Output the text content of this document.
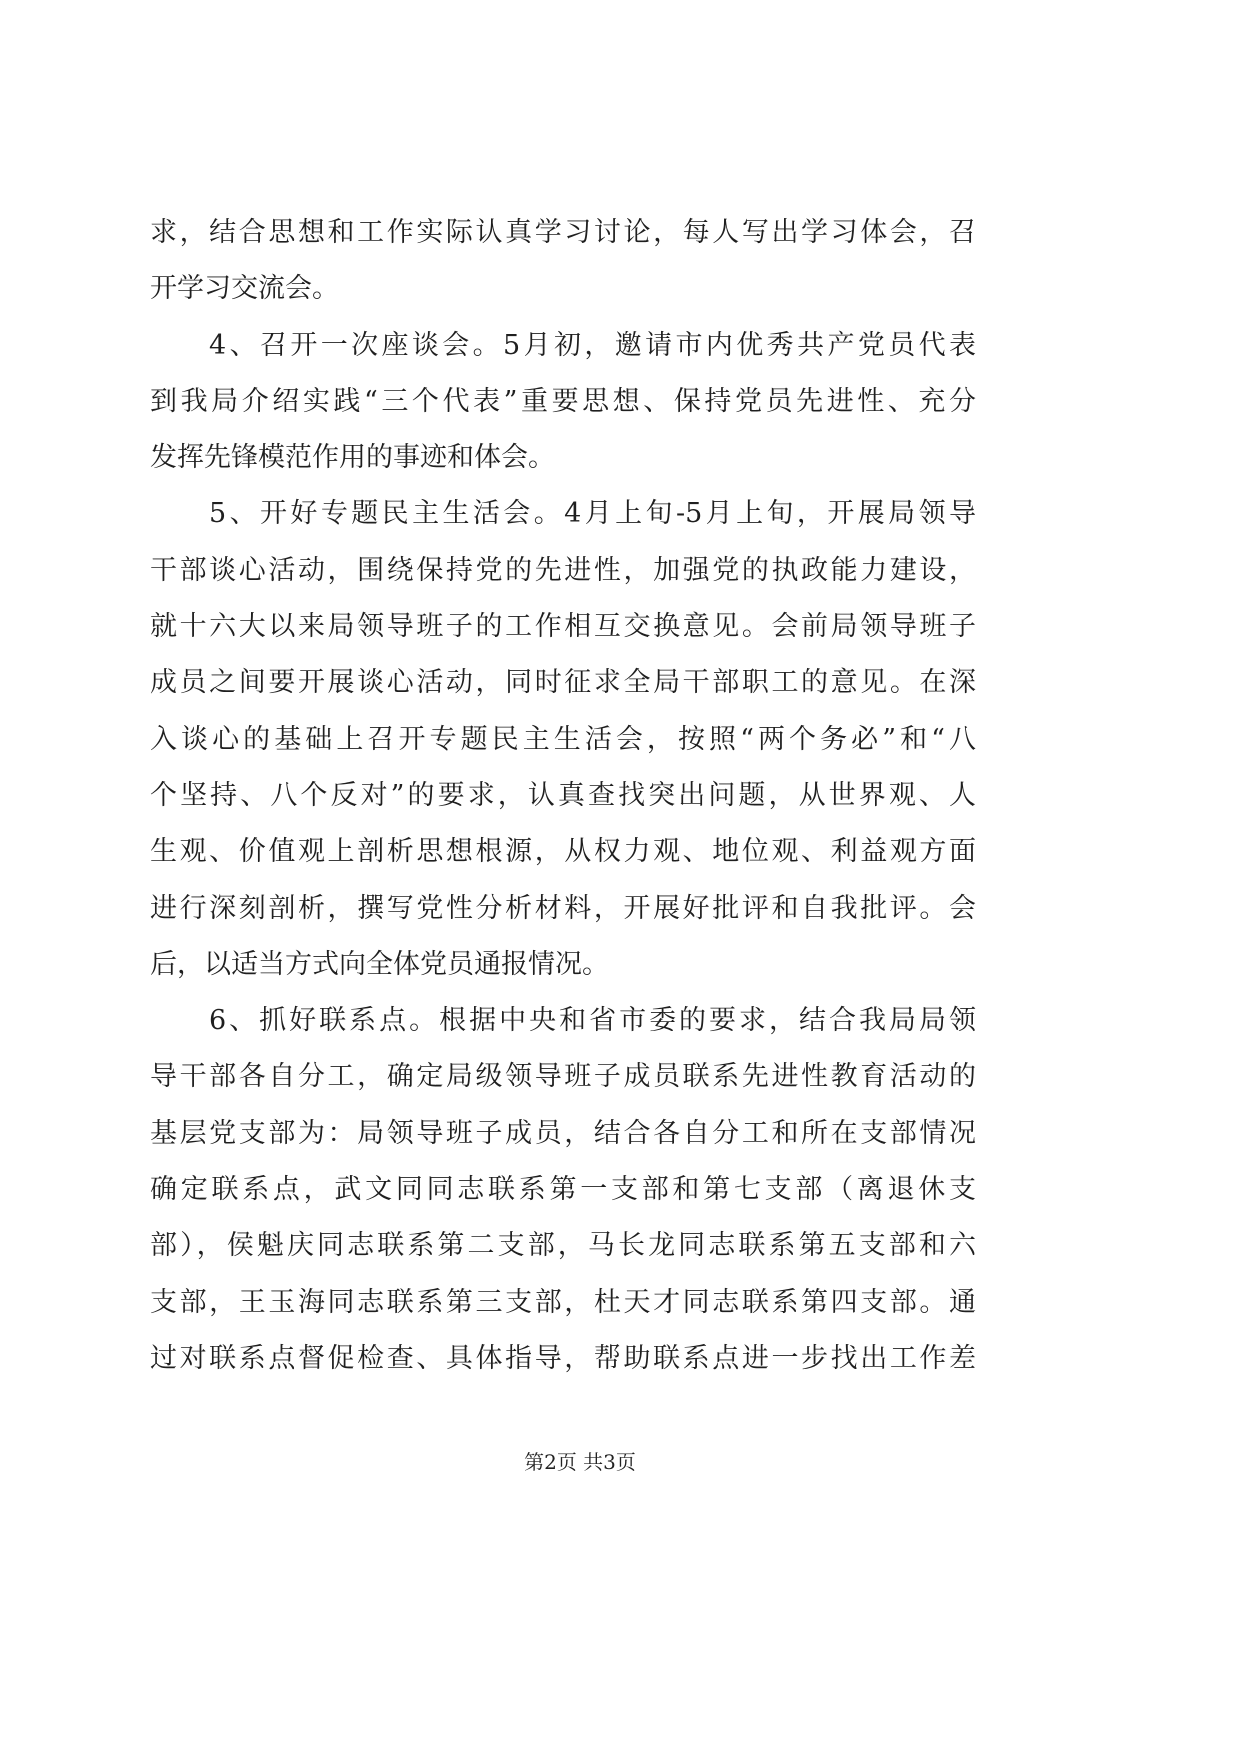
求，结合思想和工作实际认真学习讨论，每人写出学习体会，召
开学习交流会。
4、召开一次座谈会。5月初，邀请市内优秀共产党员代表
到我局介绍实践“三个代表”重要思想、保持党员先进性、充分
发挥先锋模范作用的事迹和体会。
5、开好专题民主生活会。4月上旬-5月上旬，开展局领导
干部谈心活动，围绕保持党的先进性，加强党的执政能力建设，
就十六大以来局领导班子的工作相互交换意见。会前局领导班子
成员之间要开展谈心活动，同时征求全局干部职工的意见。在深
入谈心的基础上召开专题民主生活会，按照“两个务必”和“八
个坚持、八个反对”的要求，认真查找突出问题，从世界观、人
生观、价值观上剖析思想根源，从权力观、地位观、利益观方面
进行深刻剖析，撰写党性分析材料，开展好批评和自我批评。会
后，以适当方式向全体党员通报情况。
6、抓好联系点。根据中央和省市委的要求，结合我局局领
导干部各自分工，确定局级领导班子成员联系先进性教育活动的
基层党支部为：局领导班子成员，结合各自分工和所在支部情况
确定联系点，武文同同志联系第一支部和第七支部（离退休支
部），侯魁庆同志联系第二支部，马长龙同志联系第五支部和六
支部，王玉海同志联系第三支部，杜天才同志联系第四支部。通
过对联系点督促检查、具体指导，帮助联系点进一步找出工作差
第2页 共3页
